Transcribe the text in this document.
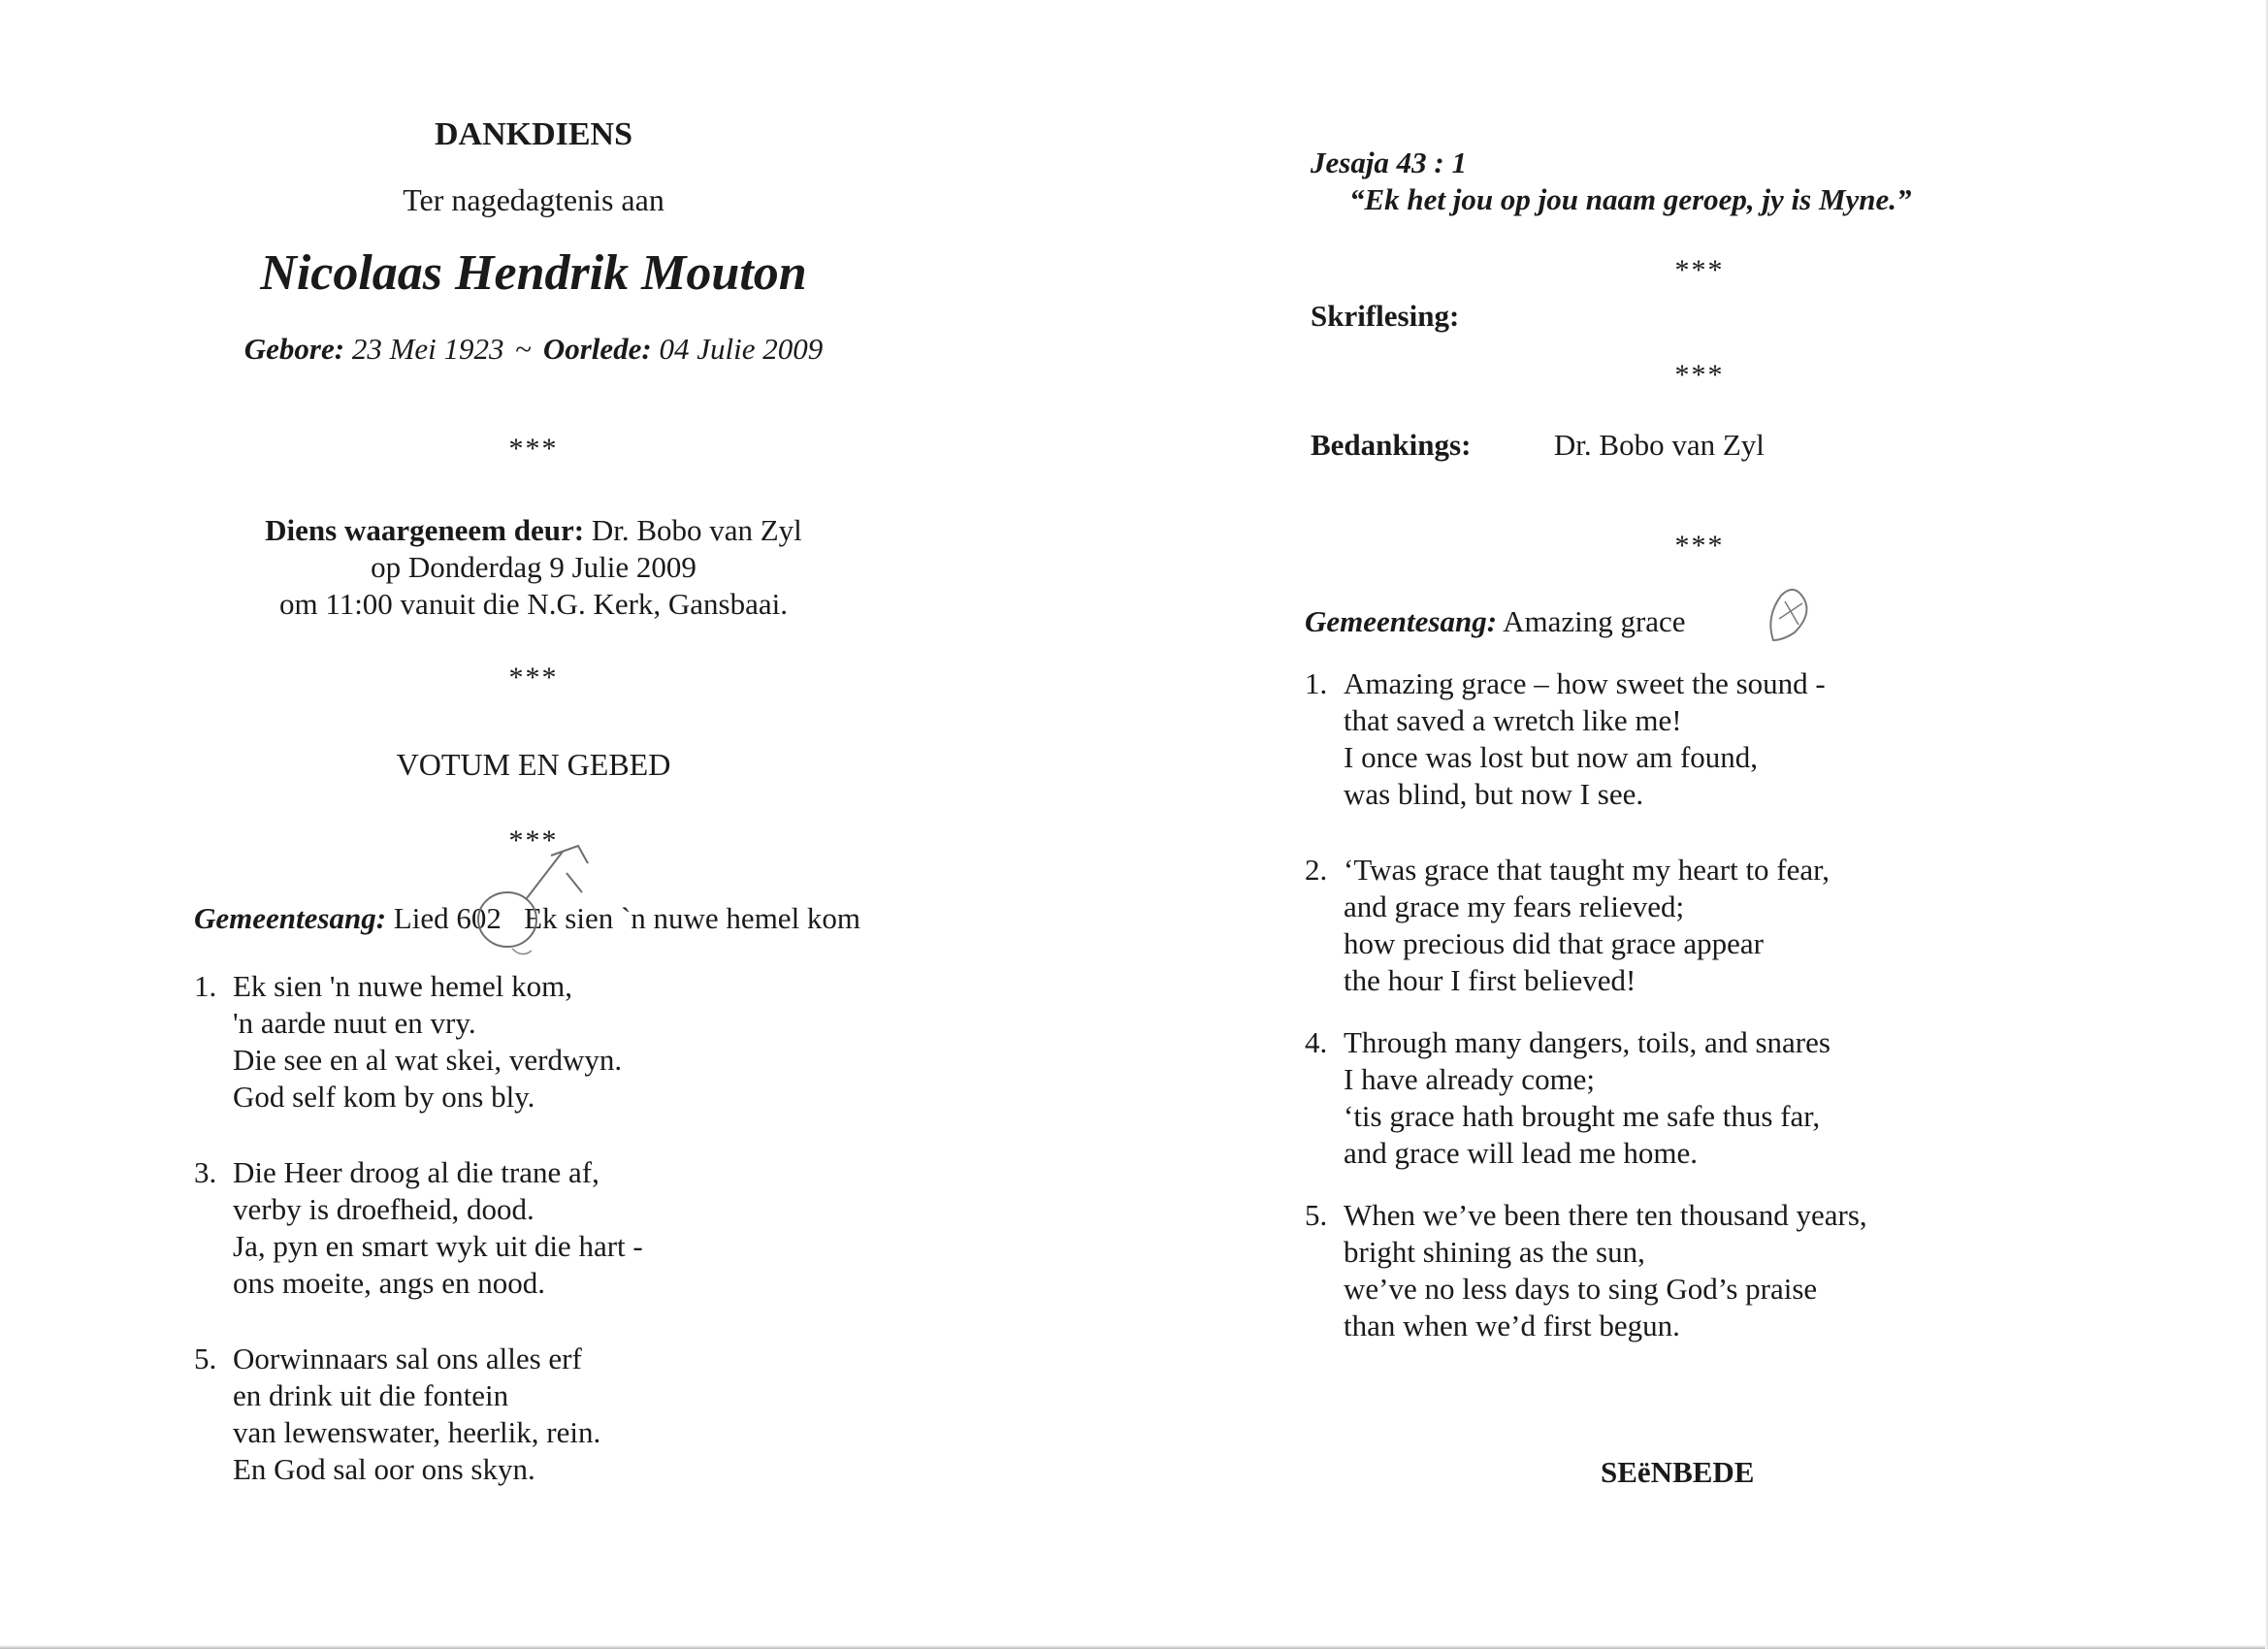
DANKDIENS
Ter nagedagtenis aan
Nicolaas Hendrik Mouton
Gebore: 23 Mei 1923 ~ Oorlede: 04 Julie 2009
***
Diens waargeneem deur: Dr. Bobo van Zyl
op Donderdag 9 Julie 2009
om 11:00 vanuit die N.G. Kerk, Gansbaai.
***
VOTUM EN GEBED
***
Gemeentesang: Lied 602 Ek sien `n nuwe hemel kom
1. Ek sien 'n nuwe hemel kom,
'n aarde nuut en vry.
Die see en al wat skei, verdwyn.
God self kom by ons bly.
3. Die Heer droog al die trane af,
verby is droefheid, dood.
Ja, pyn en smart wyk uit die hart -
ons moeite, angs en nood.
5. Oorwinnaars sal ons alles erf
en drink uit die fontein
van lewenswater, heerlik, rein.
En God sal oor ons skyn.
Jesaja 43 : 1
“Ek het jou op jou naam geroep, jy is Myne.”
***
Skriflesing:
***
Bedankings:	Dr. Bobo van Zyl
***
Gemeentesang: Amazing grace
1. Amazing grace – how sweet the sound -
that saved a wretch like me!
I once was lost but now am found,
was blind, but now I see.
2. ‘Twas grace that taught my heart to fear,
and grace my fears relieved;
how precious did that grace appear
the hour I first believed!
4. Through many dangers, toils, and snares
I have already come;
‘tis grace hath brought me safe thus far,
and grace will lead me home.
5. When we’ve been there ten thousand years,
bright shining as the sun,
we’ve no less days to sing God’s praise
than when we’d first begun.
SEëNBEDE
